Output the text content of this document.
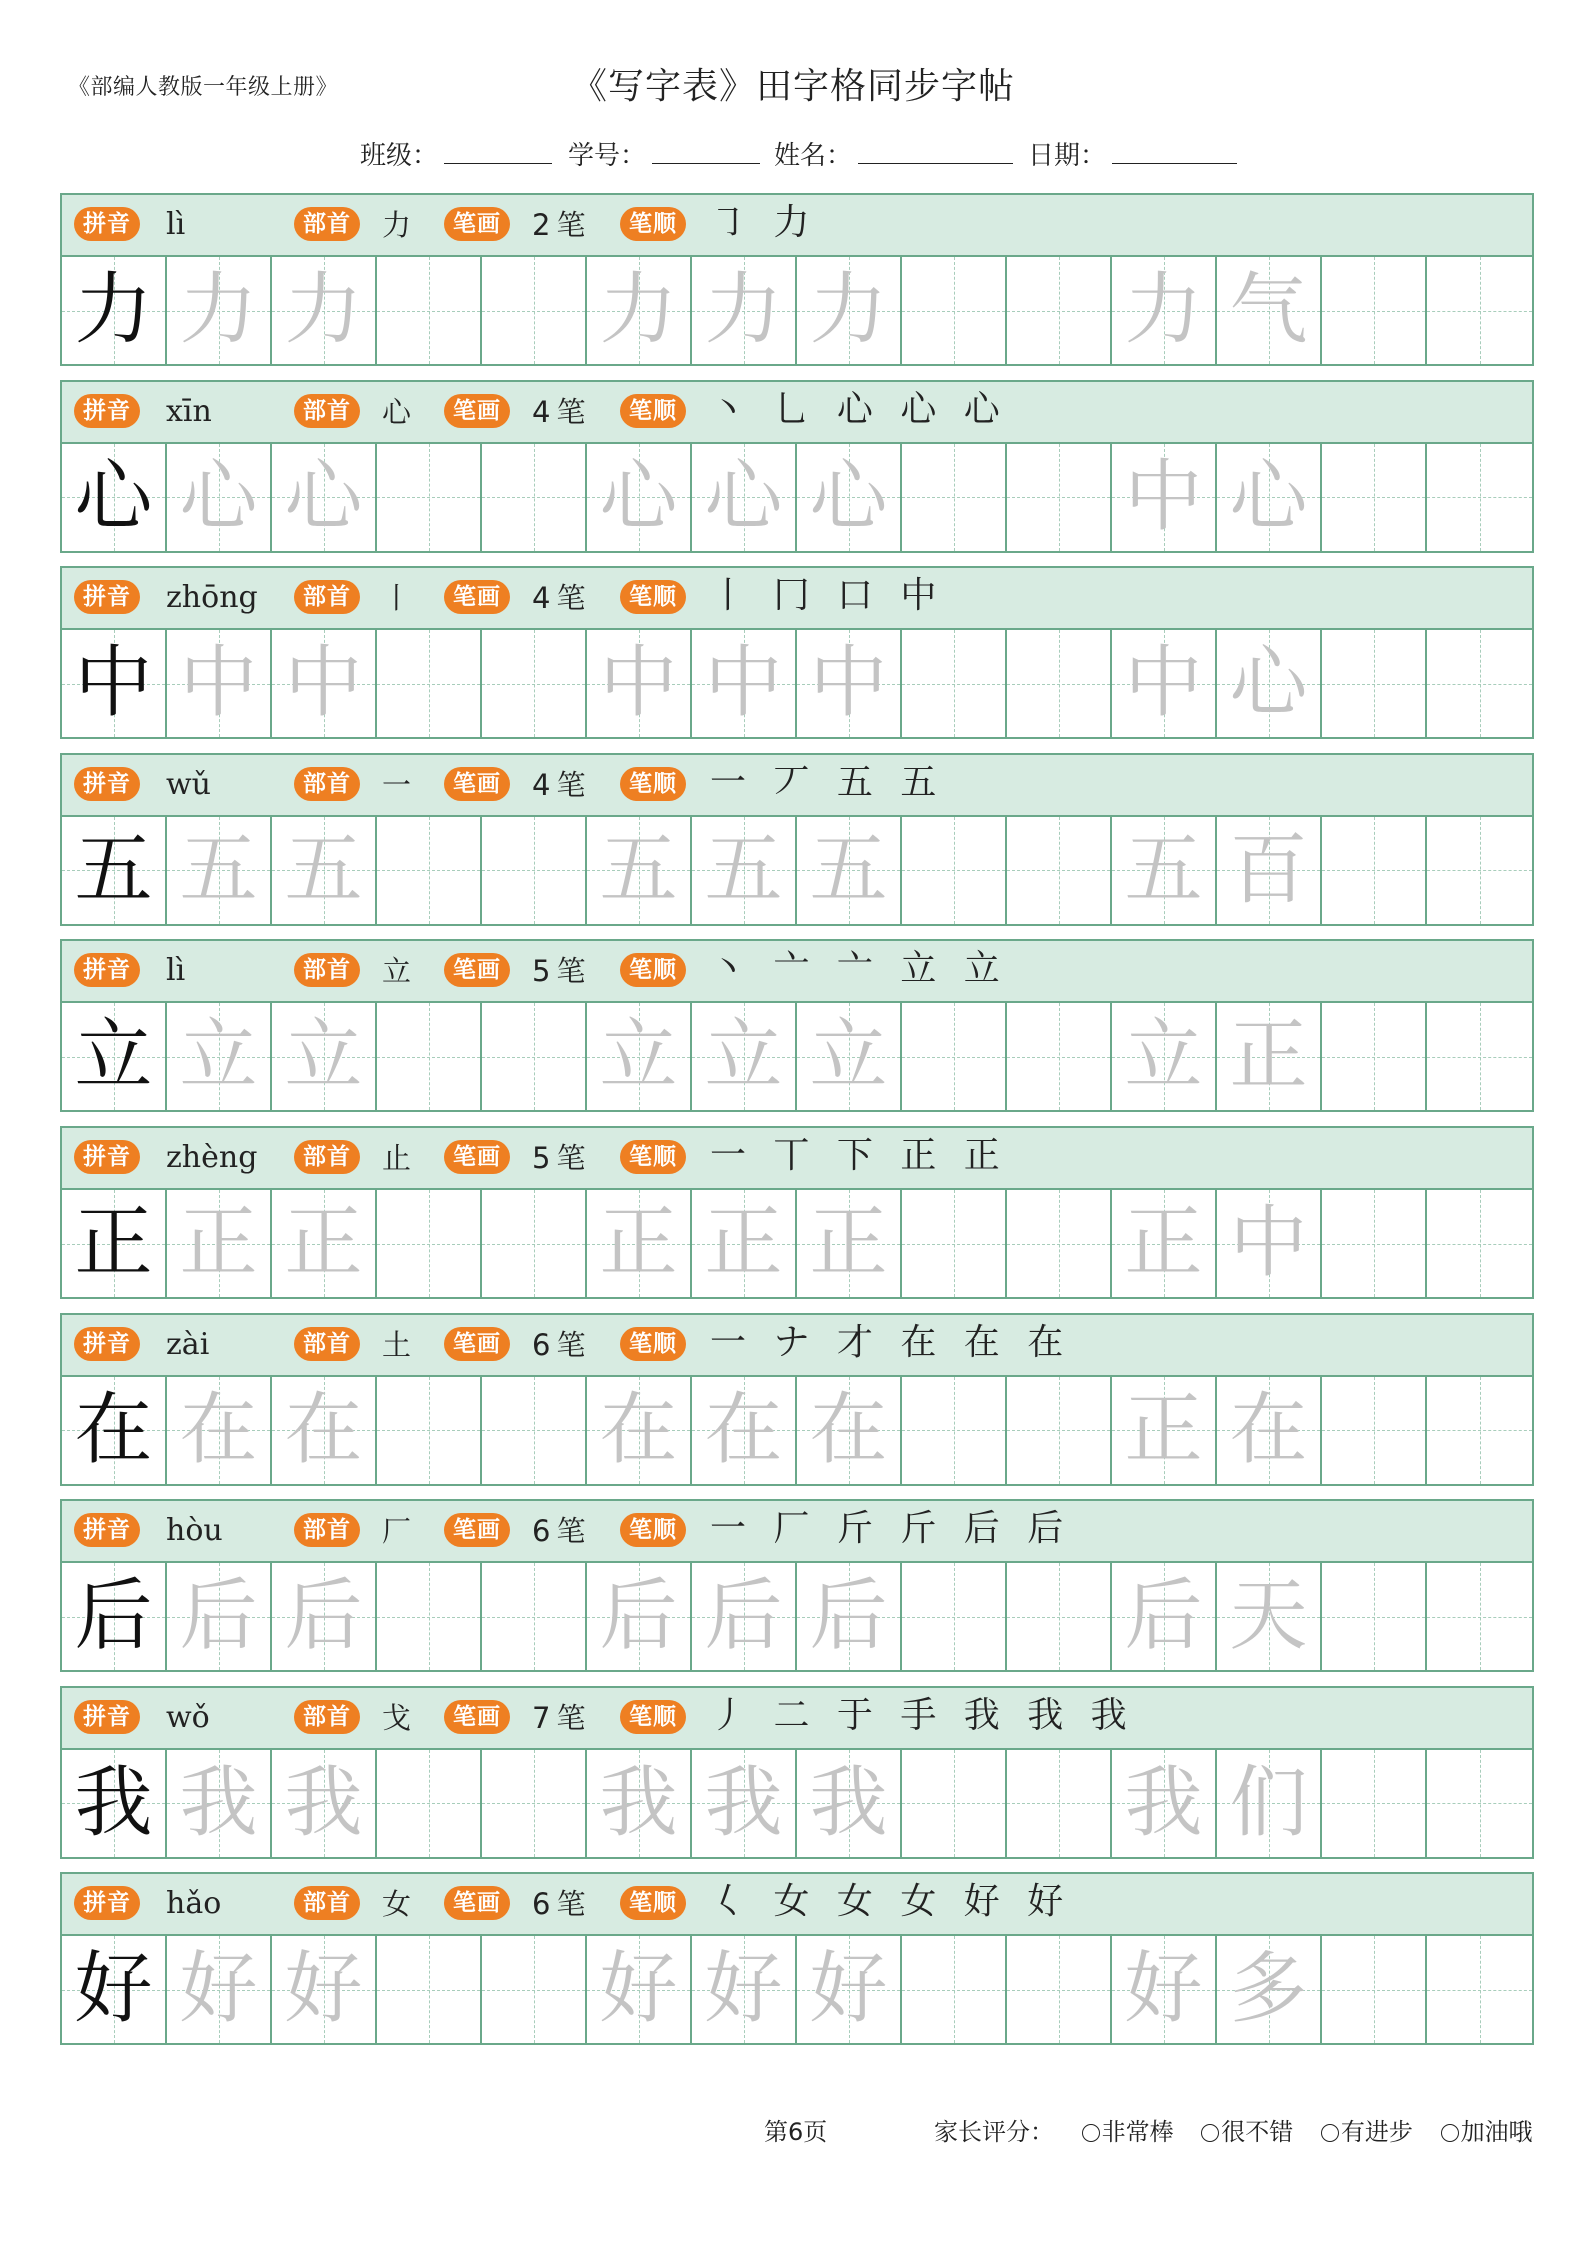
《部编人教版一年级上册》	《写字表》田字格同步字帖
班级：	学号：	姓名：	日期：
拼音	lì	部首	力	笔画	2 笔	笔顺 ㇆ 力
力 力 力	力 力 力	力 气
拼音	xīn	部首	心	笔画	4 笔	笔顺 丶 乚 心 心 心
心 心 心	心 心 心	中 心
拼音	zhōng	部首	丨	笔画	4 笔	笔顺 丨 冂 口 中
中 中 中	中 中 中	中 心
拼音	wǔ	部首	一	笔画	4 笔	笔顺 一 丆 五 五
五 五 五	五 五 五	五 百
拼音	lì	部首	立	笔画	5 笔	笔顺 丶 亠 亠 立 立
立 立 立	立 立 立	立 正
拼音	zhèng	部首	止	笔画	5 笔	笔顺 一 丅 下 正 正
正 正 正	正 正 正	正 中
拼音	zài	部首	土	笔画	6 笔	笔顺 一 ナ 才 在 在 在
在 在 在	在 在 在	正 在
拼音	hòu	部首	厂	笔画	6 笔	笔顺 一 厂 斤 斤 后 后
后 后 后	后 后 后	后 天
拼音	wǒ	部首	戈	笔画	7 笔	笔顺 丿 二 于 手 我 我 我
我 我 我	我 我 我	我 们
拼音	hǎo	部首	女	笔画	6 笔	笔顺 𡿨 女 女 女 好 好
好 好 好	好 好 好	好 多
第6页	家长评分： 非常棒 很不错 有进步 加油哦
